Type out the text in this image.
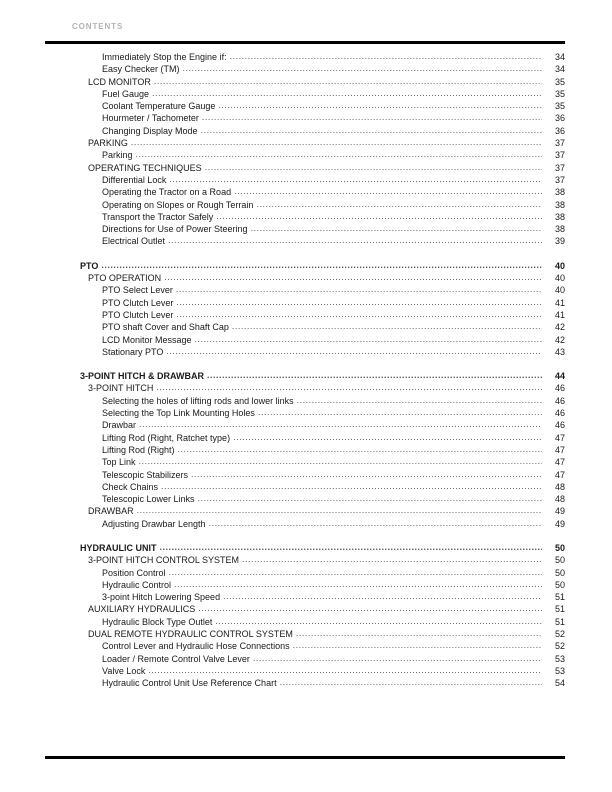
CONTENTS
Immediately Stop the Engine if: .....	34
Easy Checker (TM) .....	34
LCD MONITOR .....	35
Fuel Gauge .....	35
Coolant Temperature Gauge .....	35
Hourmeter / Tachometer .....	36
Changing Display Mode .....	36
PARKING .....	37
Parking .....	37
OPERATING TECHNIQUES .....	37
Differential Lock .....	37
Operating the Tractor on a Road .....	38
Operating on Slopes or Rough Terrain .....	38
Transport the Tractor Safely .....	38
Directions for Use of Power Steering .....	38
Electrical Outlet .....	39
PTO .....	40
PTO OPERATION .....	40
PTO Select Lever .....	40
PTO Clutch Lever .....	41
PTO Clutch Lever .....	41
PTO shaft Cover and Shaft Cap .....	42
LCD Monitor Message .....	42
Stationary PTO .....	43
3-POINT HITCH & DRAWBAR .....	44
3-POINT HITCH .....	46
Selecting the holes of lifting rods and lower links .....	46
Selecting the Top Link Mounting Holes .....	46
Drawbar .....	46
Lifting Rod (Right, Ratchet type) .....	47
Lifting Rod (Right) .....	47
Top Link .....	47
Telescopic Stabilizers .....	47
Check Chains .....	48
Telescopic Lower Links .....	48
DRAWBAR .....	49
Adjusting Drawbar Length .....	49
HYDRAULIC UNIT .....	50
3-POINT HITCH CONTROL SYSTEM .....	50
Position Control .....	50
Hydraulic Control .....	50
3-point Hitch Lowering Speed .....	51
AUXILIARY HYDRAULICS .....	51
Hydraulic Block Type Outlet .....	51
DUAL REMOTE HYDRAULIC CONTROL SYSTEM .....	52
Control Lever and Hydraulic Hose Connections .....	52
Loader / Remote Control Valve Lever .....	53
Valve Lock .....	53
Hydraulic Control Unit Use Reference Chart .....	54
